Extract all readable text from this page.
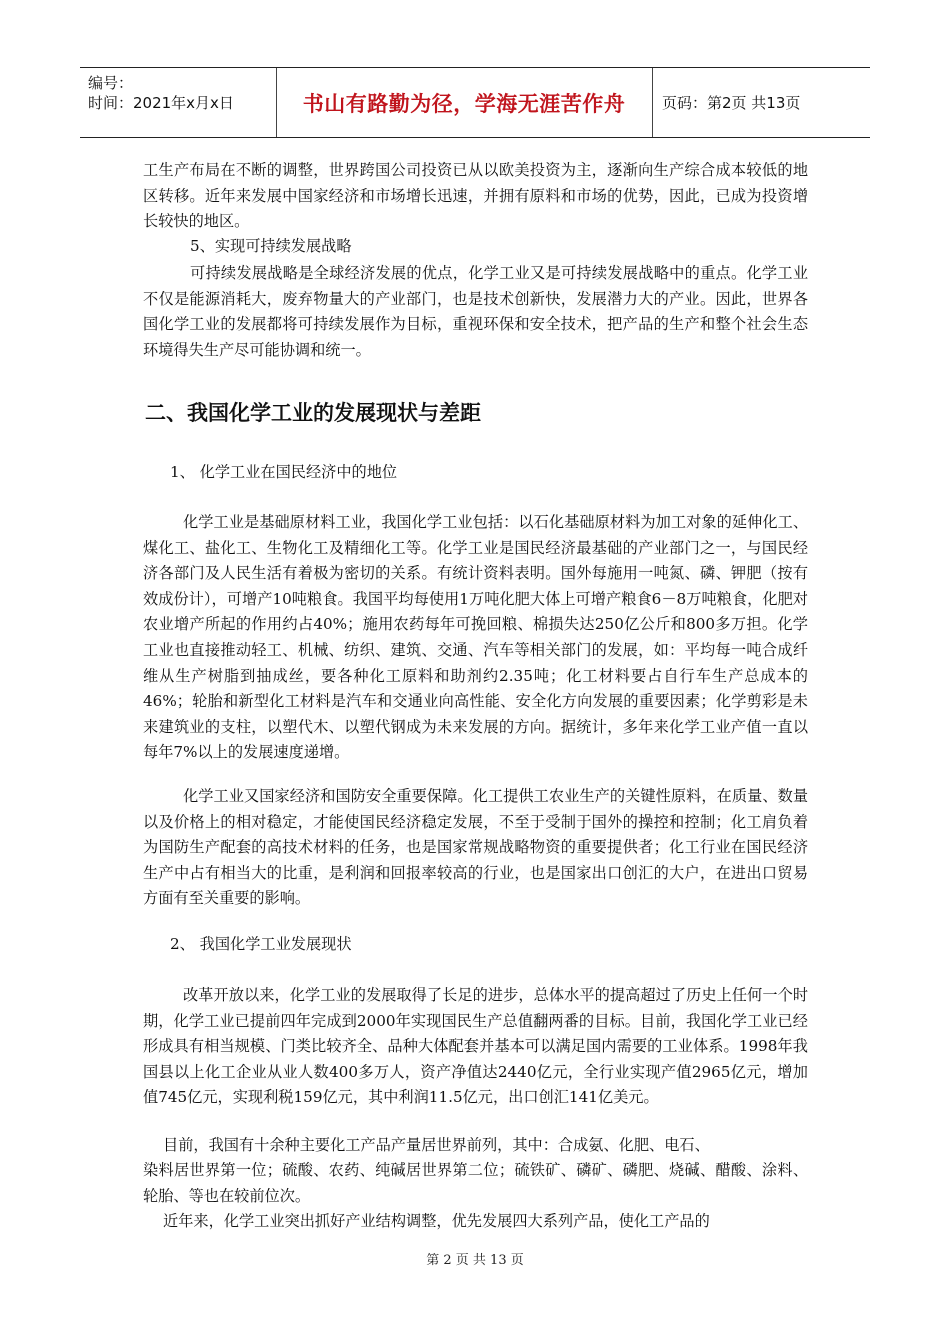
编号：
时间：2021年x月x日	书山有路勤为径，学海无涯苦作舟 页码：第2页 共13页
工生产布局在不断的调整，世界跨国公司投资已从以欧美投资为主，逐渐向生产综合成本较低的地区转移。近年来发展中国家经济和市场增长迅速，并拥有原料和市场的优势，因此，已成为投资增长较快的地区。
5、实现可持续发展战略
可持续发展战略是全球经济发展的优点，化学工业又是可持续发展战略中的重点。化学工业不仅是能源消耗大，废弃物量大的产业部门，也是技术创新快，发展潜力大的产业。因此，世界各国化学工业的发展都将可持续发展作为目标，重视环保和安全技术，把产品的生产和整个社会生态环境得失生产尽可能协调和统一。
二、我国化学工业的发展现状与差距
1、 化学工业在国民经济中的地位
化学工业是基础原材料工业，我国化学工业包括：以石化基础原材料为加工对象的延伸化工、煤化工、盐化工、生物化工及精细化工等。化学工业是国民经济最基础的产业部门之一，与国民经济各部门及人民生活有着极为密切的关系。有统计资料表明。国外每施用一吨氮、磷、钾肥（按有效成份计），可增产10吨粮食。我国平均每使用1万吨化肥大体上可增产粮食6－8万吨粮食，化肥对农业增产所起的作用约占40%；施用农药每年可挽回粮、棉损失达250亿公斤和800多万担。化学工业也直接推动轻工、机械、纺织、建筑、交通、汽车等相关部门的发展，如：平均每一吨合成纤维从生产树脂到抽成丝，要各种化工原料和助剂约2.35吨；化工材料要占自行车生产总成本的46%；轮胎和新型化工材料是汽车和交通业向高性能、安全化方向发展的重要因素；化学剪彩是未来建筑业的支柱，以塑代木、以塑代钢成为未来发展的方向。据统计，多年来化学工业产值一直以每年7%以上的发展速度递增。
化学工业又国家经济和国防安全重要保障。化工提供工农业生产的关键性原料，在质量、数量以及价格上的相对稳定，才能使国民经济稳定发展，不至于受制于国外的操控和控制；化工肩负着为国防生产配套的高技术材料的任务，也是国家常规战略物资的重要提供者；化工行业在国民经济生产中占有相当大的比重，是利润和回报率较高的行业，也是国家出口创汇的大户，在进出口贸易方面有至关重要的影响。
2、 我国化学工业发展现状
改革开放以来，化学工业的发展取得了长足的进步，总体水平的提高超过了历史上任何一个时期，化学工业已提前四年完成到2000年实现国民生产总值翻两番的目标。目前，我国化学工业已经形成具有相当规模、门类比较齐全、品种大体配套并基本可以满足国内需要的工业体系。1998年我国县以上化工企业从业人数400多万人，资产净值达2440亿元，全行业实现产值2965亿元，增加值745亿元，实现利税159亿元，其中利润11.5亿元，出口创汇141亿美元。
目前，我国有十余种主要化工产品产量居世界前列，其中：合成氨、化肥、电石、
染料居世界第一位；硫酸、农药、纯碱居世界第二位；硫铁矿、磷矿、磷肥、烧碱、醋酸、涂料、轮胎、等也在较前位次。
近年来，化学工业突出抓好产业结构调整，优先发展四大系列产品，使化工产品的
第 2 页 共 13 页
